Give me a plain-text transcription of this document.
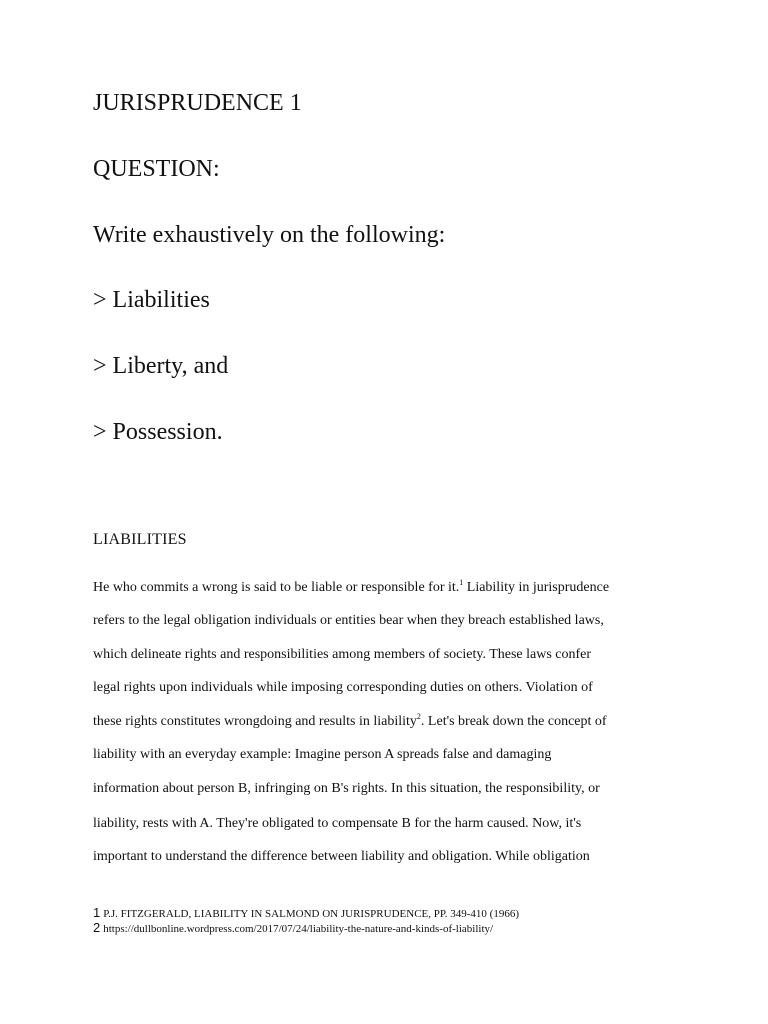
JURISPRUDENCE 1
QUESTION:
Write exhaustively on the following:
> Liabilities
> Liberty, and
> Possession.
LIABILITIES
He who commits a wrong is said to be liable or responsible for it.$^1$ Liability in jurisprudence
refers to the legal obligation individuals or entities bear when they breach established laws,
which delineate rights and responsibilities among members of society. These laws confer
legal rights upon individuals while imposing corresponding duties on others. Violation of
these rights constitutes wrongdoing and results in liability$^2$. Let's break down the concept of
liability with an everyday example: Imagine person A spreads false and damaging
information about person B, infringing on B's rights. In this situation, the responsibility, or
liability, rests with A. They're obligated to compensate B for the harm caused. Now, it's
important to understand the difference between liability and obligation. While obligation
1 P.J. FITZGERALD, LIABILITY IN SALMOND ON JURISPRUDENCE, PP. 349-410 (1966)
2 https://dullbonline.wordpress.com/2017/07/24/liability-the-nature-and-kinds-of-liability/
